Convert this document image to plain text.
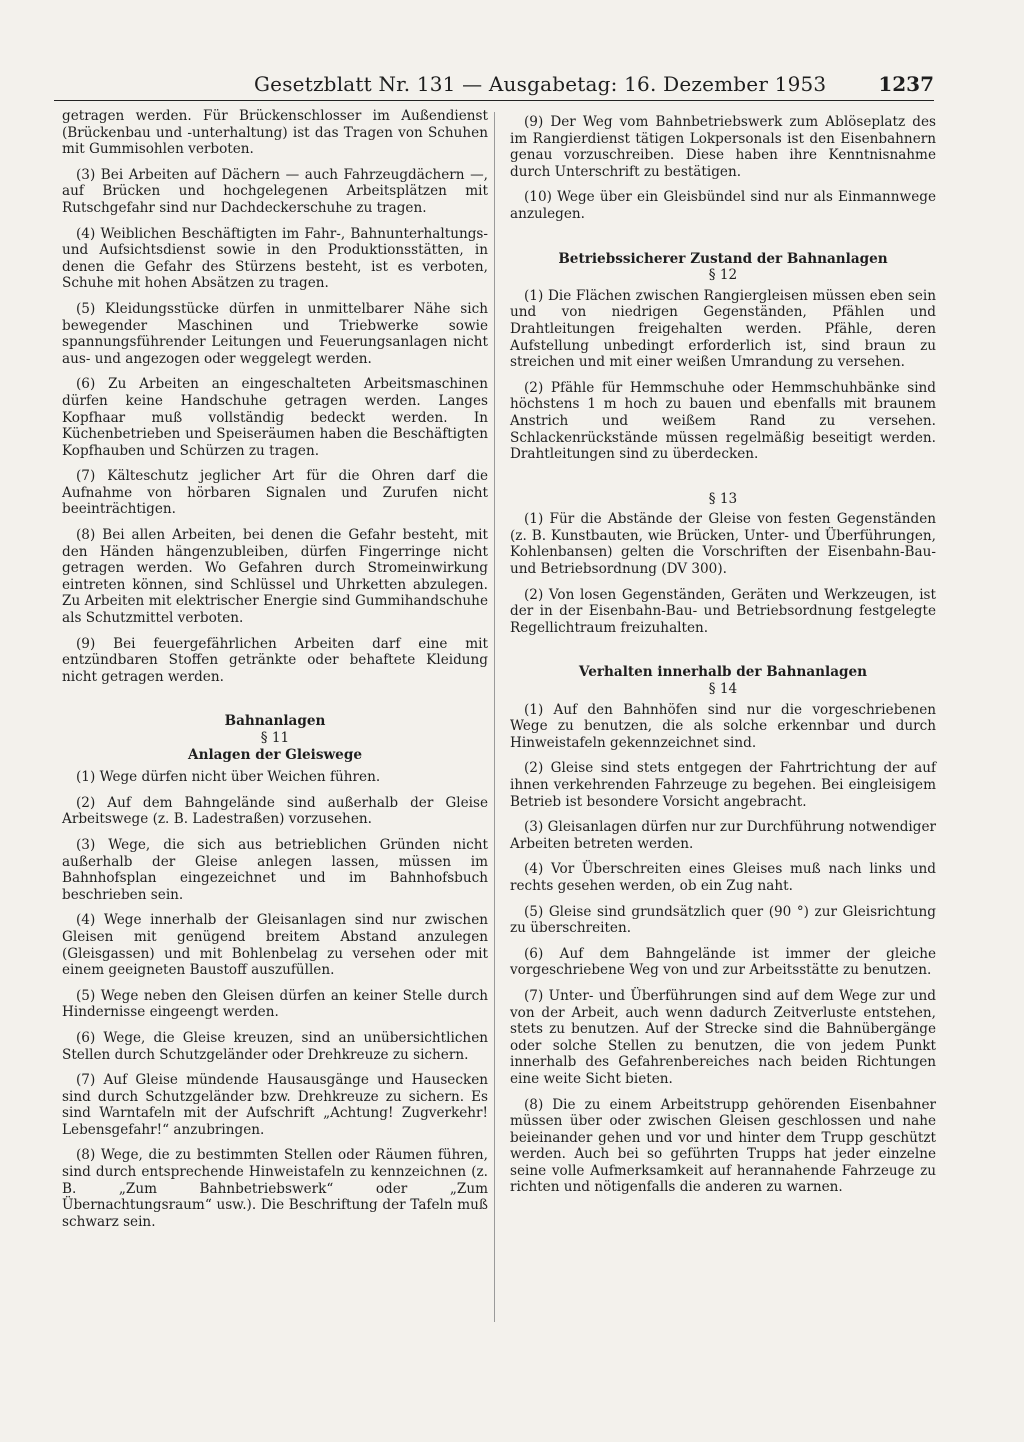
Gesetzblatt Nr. 131 — Ausgabetag: 16. Dezember 1953	1237

getragen werden. Für Brückenschlosser im Außendienst (Brückenbau und -unterhaltung) ist das Tragen von Schuhen mit Gummisohlen verboten.

(3) Bei Arbeiten auf Dächern — auch Fahrzeugdächern —, auf Brücken und hochgelegenen Arbeitsplätzen mit Rutschgefahr sind nur Dachdeckerschuhe zu tragen.

(4) Weiblichen Beschäftigten im Fahr-, Bahnunterhaltungs- und Aufsichtsdienst sowie in den Produktionsstätten, in denen die Gefahr des Stürzens besteht, ist es verboten, Schuhe mit hohen Absätzen zu tragen.

(5) Kleidungsstücke dürfen in unmittelbarer Nähe sich bewegender Maschinen und Triebwerke sowie spannungsführender Leitungen und Feuerungsanlagen nicht aus- und angezogen oder weggelegt werden.

(6) Zu Arbeiten an eingeschalteten Arbeitsmaschinen dürfen keine Handschuhe getragen werden. Langes Kopfhaar muß vollständig bedeckt werden. In Küchenbetrieben und Speiseräumen haben die Beschäftigten Kopfhauben und Schürzen zu tragen.

(7) Kälteschutz jeglicher Art für die Ohren darf die Aufnahme von hörbaren Signalen und Zurufen nicht beeinträchtigen.

(8) Bei allen Arbeiten, bei denen die Gefahr besteht, mit den Händen hängenzubleiben, dürfen Fingerringe nicht getragen werden. Wo Gefahren durch Stromeinwirkung eintreten können, sind Schlüssel und Uhrketten abzulegen. Zu Arbeiten mit elektrischer Energie sind Gummihandschuhe als Schutzmittel verboten.

(9) Bei feuergefährlichen Arbeiten darf eine mit entzündbaren Stoffen getränkte oder behaftete Kleidung nicht getragen werden.

Bahnanlagen

§ 11

Anlagen der Gleiswege

(1) Wege dürfen nicht über Weichen führen.

(2) Auf dem Bahngelände sind außerhalb der Gleise Arbeitswege (z. B. Ladestraßen) vorzusehen.

(3) Wege, die sich aus betrieblichen Gründen nicht außerhalb der Gleise anlegen lassen, müssen im Bahnhofsplan eingezeichnet und im Bahnhofsbuch beschrieben sein.

(4) Wege innerhalb der Gleisanlagen sind nur zwischen Gleisen mit genügend breitem Abstand anzulegen (Gleisgassen) und mit Bohlenbelag zu versehen oder mit einem geeigneten Baustoff auszufüllen.

(5) Wege neben den Gleisen dürfen an keiner Stelle durch Hindernisse eingeengt werden.

(6) Wege, die Gleise kreuzen, sind an unübersichtlichen Stellen durch Schutzgeländer oder Drehkreuze zu sichern.

(7) Auf Gleise mündende Hausausgänge und Hausecken sind durch Schutzgeländer bzw. Drehkreuze zu sichern. Es sind Warntafeln mit der Aufschrift „Achtung! Zugverkehr! Lebensgefahr!“ anzubringen.

(8) Wege, die zu bestimmten Stellen oder Räumen führen, sind durch entsprechende Hinweistafeln zu kennzeichnen (z. B. „Zum Bahnbetriebswerk“ oder „Zum Übernachtungsraum“ usw.). Die Beschriftung der Tafeln muß schwarz sein.

(9) Der Weg vom Bahnbetriebswerk zum Ablöseplatz des im Rangierdienst tätigen Lokpersonals ist den Eisenbahnern genau vorzuschreiben. Diese haben ihre Kenntnisnahme durch Unterschrift zu bestätigen.

(10) Wege über ein Gleisbündel sind nur als Einmannwege anzulegen.

Betriebssicherer Zustand der Bahnanlagen

§ 12

(1) Die Flächen zwischen Rangiergleisen müssen eben sein und von niedrigen Gegenständen, Pfählen und Drahtleitungen freigehalten werden. Pfähle, deren Aufstellung unbedingt erforderlich ist, sind braun zu streichen und mit einer weißen Umrandung zu versehen.

(2) Pfähle für Hemmschuhe oder Hemmschuhbänke sind höchstens 1 m hoch zu bauen und ebenfalls mit braunem Anstrich und weißem Rand zu versehen. Schlackenrückstände müssen regelmäßig beseitigt werden. Drahtleitungen sind zu überdecken.

§ 13

(1) Für die Abstände der Gleise von festen Gegenständen (z. B. Kunstbauten, wie Brücken, Unter- und Überführungen, Kohlenbansen) gelten die Vorschriften der Eisenbahn-Bau- und Betriebsordnung (DV 300).

(2) Von losen Gegenständen, Geräten und Werkzeugen, ist der in der Eisenbahn-Bau- und Betriebsordnung festgelegte Regellichtraum freizuhalten.

Verhalten innerhalb der Bahnanlagen

§ 14

(1) Auf den Bahnhöfen sind nur die vorgeschriebenen Wege zu benutzen, die als solche erkennbar und durch Hinweistafeln gekennzeichnet sind.

(2) Gleise sind stets entgegen der Fahrtrichtung der auf ihnen verkehrenden Fahrzeuge zu begehen. Bei eingleisigem Betrieb ist besondere Vorsicht angebracht.

(3) Gleisanlagen dürfen nur zur Durchführung notwendiger Arbeiten betreten werden.

(4) Vor Überschreiten eines Gleises muß nach links und rechts gesehen werden, ob ein Zug naht.

(5) Gleise sind grundsätzlich quer (90 °) zur Gleisrichtung zu überschreiten.

(6) Auf dem Bahngelände ist immer der gleiche vorgeschriebene Weg von und zur Arbeitsstätte zu benutzen.

(7) Unter- und Überführungen sind auf dem Wege zur und von der Arbeit, auch wenn dadurch Zeitverluste entstehen, stets zu benutzen. Auf der Strecke sind die Bahnübergänge oder solche Stellen zu benutzen, die von jedem Punkt innerhalb des Gefahrenbereiches nach beiden Richtungen eine weite Sicht bieten.

(8) Die zu einem Arbeitstrupp gehörenden Eisenbahner müssen über oder zwischen Gleisen geschlossen und nahe beieinander gehen und vor und hinter dem Trupp geschützt werden. Auch bei so geführten Trupps hat jeder einzelne seine volle Aufmerksamkeit auf herannahende Fahrzeuge zu richten und nötigenfalls die anderen zu warnen.
